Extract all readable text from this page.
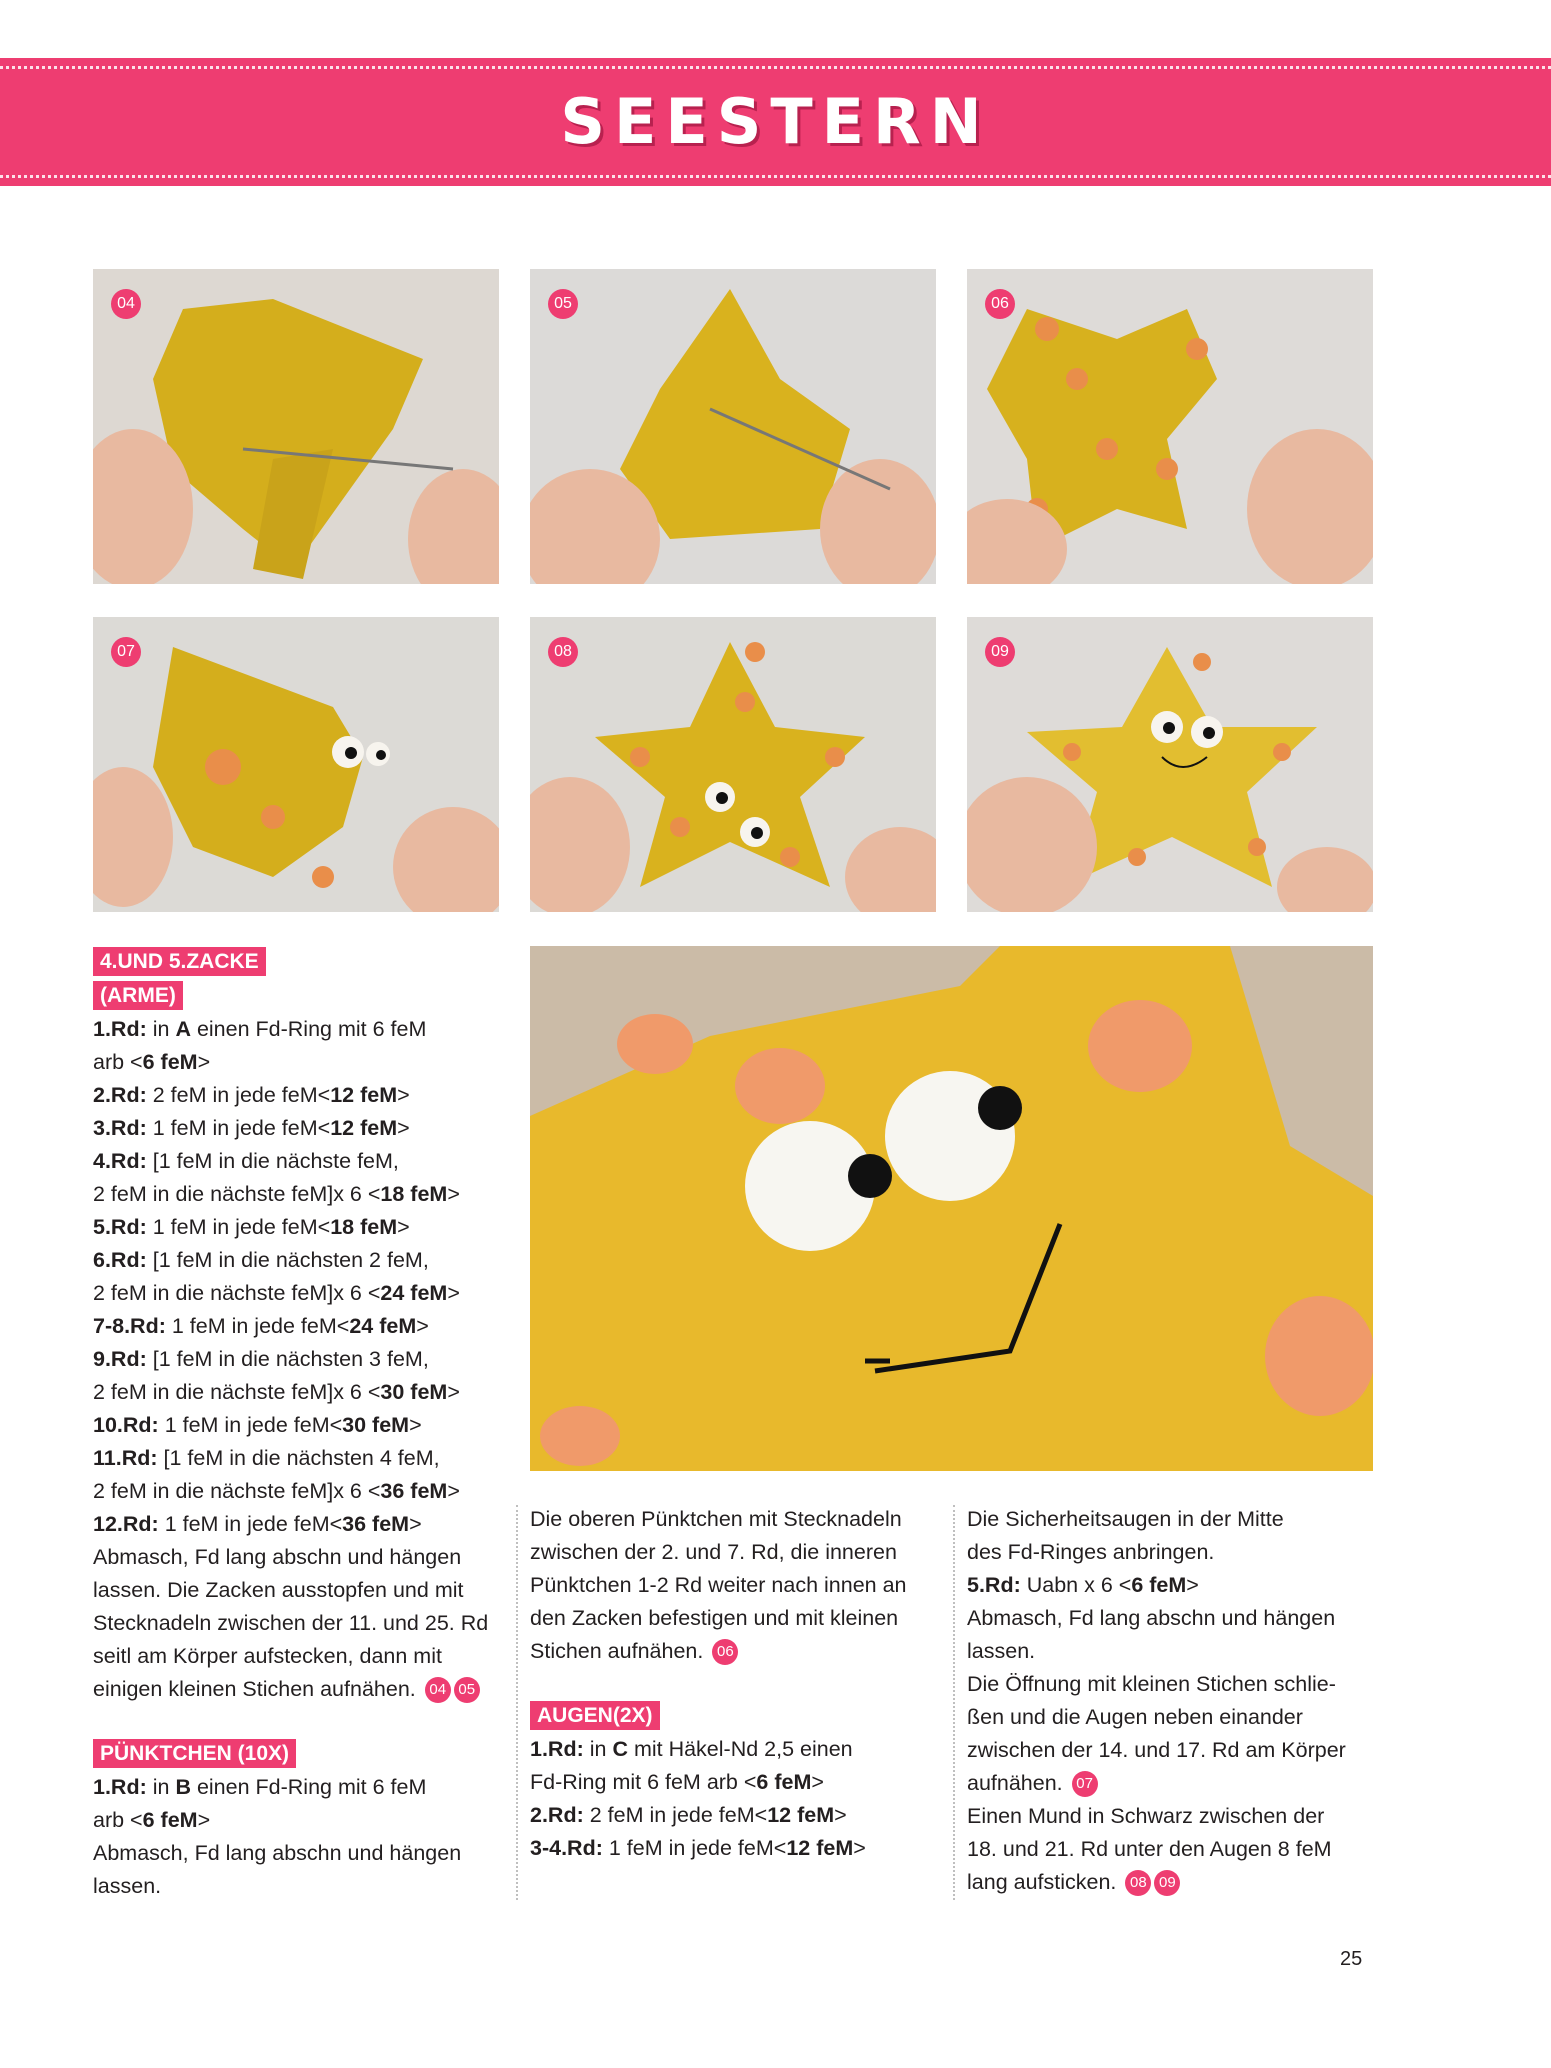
SEESTERN
04	05	06
07	08	09
4.UND 5.ZACKE
(ARME)

1.Rd: in A einen Fd-Ring mit 6 feM

arb <6 feM>

2.Rd: 2 feM in jede feM<12 feM>

3.Rd: 1 feM in jede feM<12 feM>

4.Rd: [1 feM in die nächste feM,

2 feM in die nächste feM]x 6 <18 feM>

5.Rd: 1 feM in jede feM<18 feM>

6.Rd: [1 feM in die nächsten 2 feM,

2 feM in die nächste feM]x 6 <24 feM>

7-8.Rd: 1 feM in jede feM<24 feM>

9.Rd: [1 feM in die nächsten 3 feM,

2 feM in die nächste feM]x 6 <30 feM>

10.Rd: 1 feM in jede feM<30 feM>

11.Rd: [1 feM in die nächsten 4 feM,

2 feM in die nächste feM]x 6 <36 feM>

12.Rd: 1 feM in jede feM<36 feM>

Abmasch, Fd lang abschn und hängen

lassen. Die Zacken ausstopfen und mit

Stecknadeln zwischen der 11. und 25. Rd

seitl am Körper aufstecken, dann mit

einigen kleinen Stichen aufnähen. 04 05

PÜNKTCHEN (10X)

1.Rd: in B einen Fd-Ring mit 6 feM

arb <6 feM>

Abmasch, Fd lang abschn und hängen

lassen.

Die oberen Pünktchen mit Stecknadeln

zwischen der 2. und 7. Rd, die inneren

Pünktchen 1-2 Rd weiter nach innen an

den Zacken befestigen und mit kleinen

Stichen aufnähen. 06

AUGEN(2X)

1.Rd: in C mit Häkel-Nd 2,5 einen

Fd-Ring mit 6 feM arb <6 feM>

2.Rd: 2 feM in jede feM<12 feM>

3-4.Rd: 1 feM in jede feM<12 feM>

Die Sicherheitsaugen in der Mitte

des Fd-Ringes anbringen.

5.Rd: Uabn x 6 <6 feM>

Abmasch, Fd lang abschn und hängen

lassen.

Die Öffnung mit kleinen Stichen schlie-

ßen und die Augen neben einander

zwischen der 14. und 17. Rd am Körper

aufnähen. 07

Einen Mund in Schwarz zwischen der

18. und 21. Rd unter den Augen 8 feM

lang aufsticken. 08 09

25
